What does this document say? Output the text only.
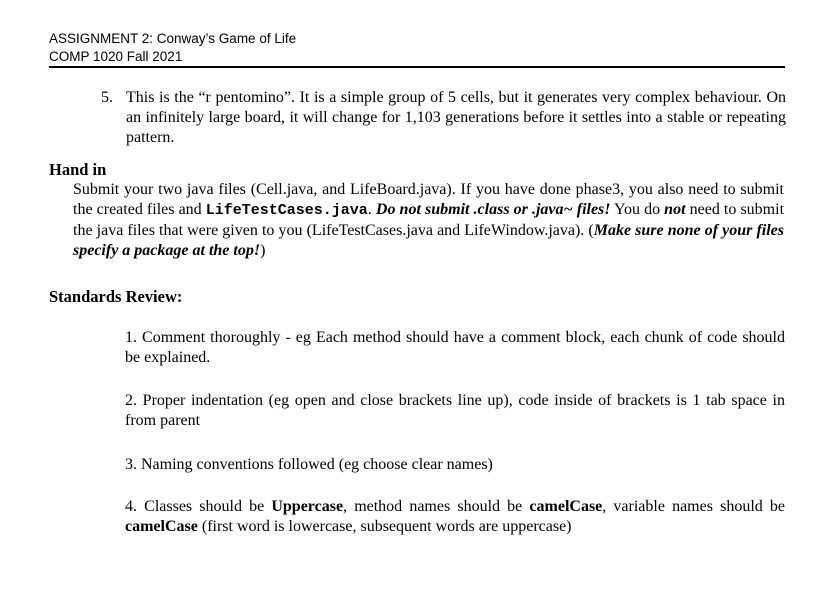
ASSIGNMENT 2: Conway’s Game of Life
COMP 1020 Fall 2021
5. This is the “r pentomino”. It is a simple group of 5 cells, but it generates very complex behaviour. On an infinitely large board, it will change for 1,103 generations before it settles into a stable or repeating pattern.
Hand in
Submit your two java files (Cell.java, and LifeBoard.java). If you have done phase3, you also need to submit the created files and LifeTestCases.java. Do not submit .class or .java~ files! You do not need to submit the java files that were given to you (LifeTestCases.java and LifeWindow.java). (Make sure none of your files specify a package at the top!)
Standards Review:
1. Comment thoroughly - eg Each method should have a comment block, each chunk of code should be explained.
2. Proper indentation (eg open and close brackets line up), code inside of brackets is 1 tab space in from parent
3. Naming conventions followed (eg choose clear names)
4. Classes should be Uppercase, method names should be camelCase, variable names should be camelCase (first word is lowercase, subsequent words are uppercase)
